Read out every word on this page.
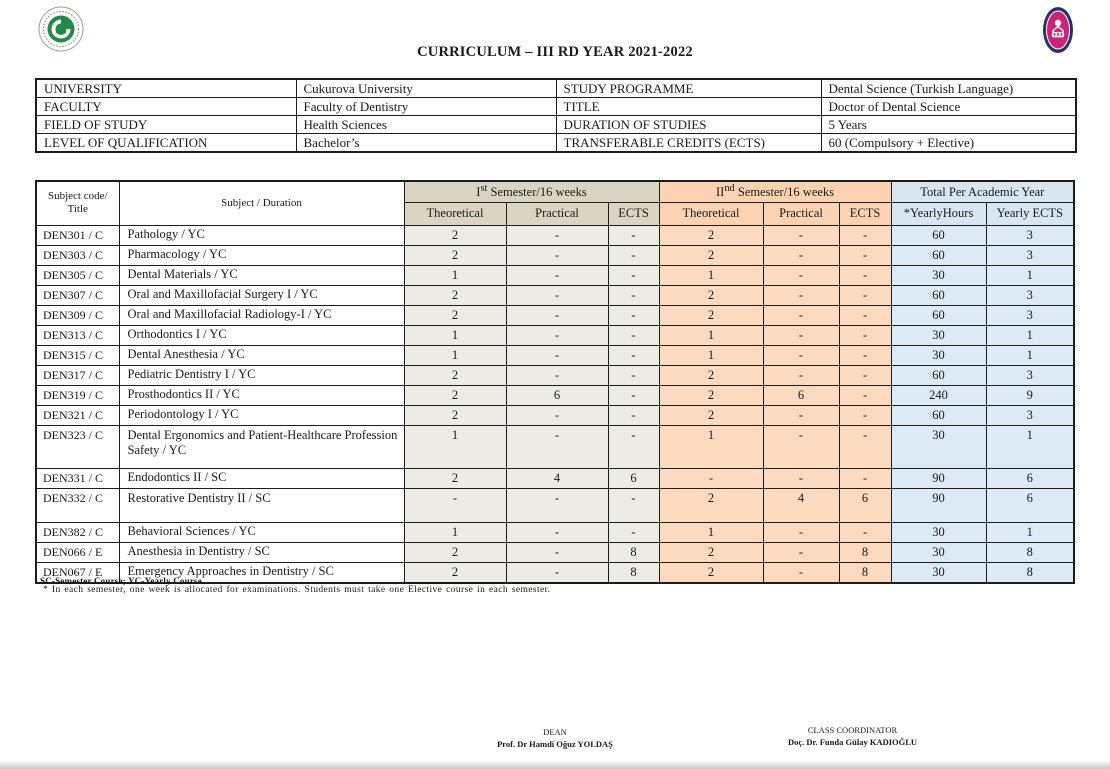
CURRICULUM – III RD YEAR 2021-2022
UNIVERSITY	Cukurova University	STUDY PROGRAMME	Dental Science (Turkish Language)
FACULTY	Faculty of Dentistry	TITLE	Doctor of Dental Science
FIELD OF STUDY	Health Sciences	DURATION OF STUDIES	5 Years
LEVEL OF QUALIFICATION	Bachelor’s	TRANSFERABLE CREDITS (ECTS)	60 (Compulsory + Elective)
Subject code/
Title	Subject / Duration	Ist Semester/16 weeks			IInd Semester/16 weeks			Total Per Academic Year	
		Theoretical	Practical	ECTS	Theoretical	Practical	ECTS	*YearlyHours	Yearly ECTS
DEN301 / C	Pathology / YC	2	-	-	2	-	-	60	3
DEN303 / C	Pharmacology / YC	2	-	-	2	-	-	60	3
DEN305 / C	Dental Materials / YC	1	-	-	1	-	-	30	1
DEN307 / C	Oral and Maxillofacial Surgery I / YC	2	-	-	2	-	-	60	3
DEN309 / C	Oral and Maxillofacial Radiology-I / YC	2	-	-	2	-	-	60	3
DEN313 / C	Orthodontics I / YC	1	-	-	1	-	-	30	1
DEN315 / C	Dental Anesthesia / YC	1	-	-	1	-	-	30	1
DEN317 / C	Pediatric Dentistry I / YC	2	-	-	2	-	-	60	3
DEN319 / C	Prosthodontics II / YC	2	6	-	2	6	-	240	9
DEN321 / C	Periodontology I / YC	2	-	-	2	-	-	60	3
DEN323 / C	Dental Ergonomics and Patient-Healthcare Profession Safety / YC	1	-	-	1	-	-	30	1
DEN331 / C	Endodontics II / SC	2	4	6	-	-	-	90	6
DEN332 / C	Restorative Dentistry II / SC	-	-	-	2	4	6	90	6
DEN382 / C	Behavioral Sciences / YC	1	-	-	1	-	-	30	1
DEN066 / E	Anesthesia in Dentistry / SC	2	-	8	2	-	8	30	8
DEN067 / E	Emergency Approaches in Dentistry / SC	2	-	8	2	-	8	30	8
SC-Semester Course; YC-Yearly Course
* In each semester, one week is allocated for examinations. Students must take one Elective course in each semester.
DEAN
Prof. Dr Hamdi Oğuz YOLDAŞ
CLASS COORDINATOR
Doç. Dr. Funda Gülay KADIOĞLU
